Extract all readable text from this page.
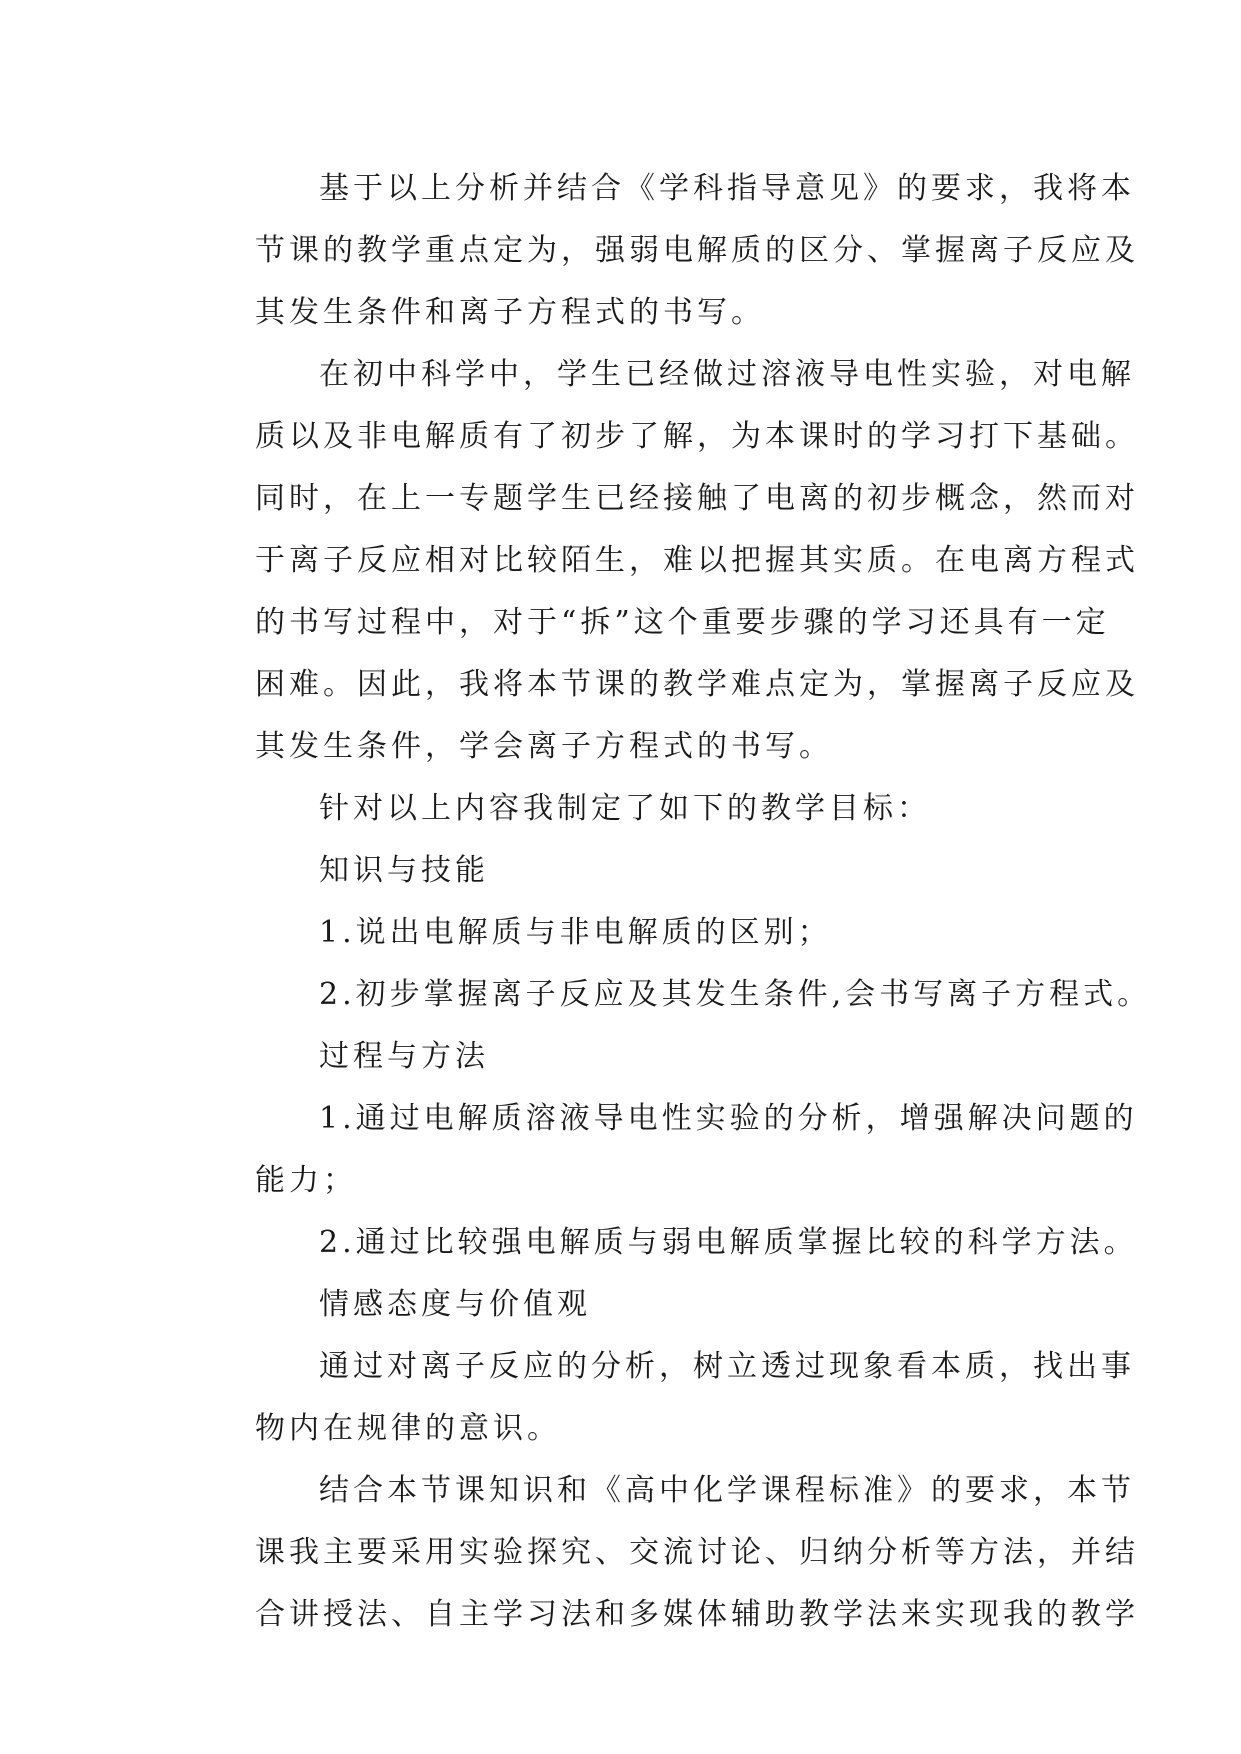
基于以上分析并结合《学科指导意见》的要求，我将本
节课的教学重点定为，强弱电解质的区分、掌握离子反应及
其发生条件和离子方程式的书写。
在初中科学中，学生已经做过溶液导电性实验，对电解
质以及非电解质有了初步了解，为本课时的学习打下基础。
同时，在上一专题学生已经接触了电离的初步概念，然而对
于离子反应相对比较陌生，难以把握其实质。在电离方程式
的书写过程中，对于“拆”这个重要步骤的学习还具有一定
困难。因此，我将本节课的教学难点定为，掌握离子反应及
其发生条件，学会离子方程式的书写。
针对以上内容我制定了如下的教学目标：
知识与技能
1.说出电解质与非电解质的区别；
2.初步掌握离子反应及其发生条件,会书写离子方程式。
过程与方法
1.通过电解质溶液导电性实验的分析，增强解决问题的
能力；
2.通过比较强电解质与弱电解质掌握比较的科学方法。
情感态度与价值观
通过对离子反应的分析，树立透过现象看本质，找出事
物内在规律的意识。
结合本节课知识和《高中化学课程标准》的要求，本节
课我主要采用实验探究、交流讨论、归纳分析等方法，并结
合讲授法、自主学习法和多媒体辅助教学法来实现我的教学
